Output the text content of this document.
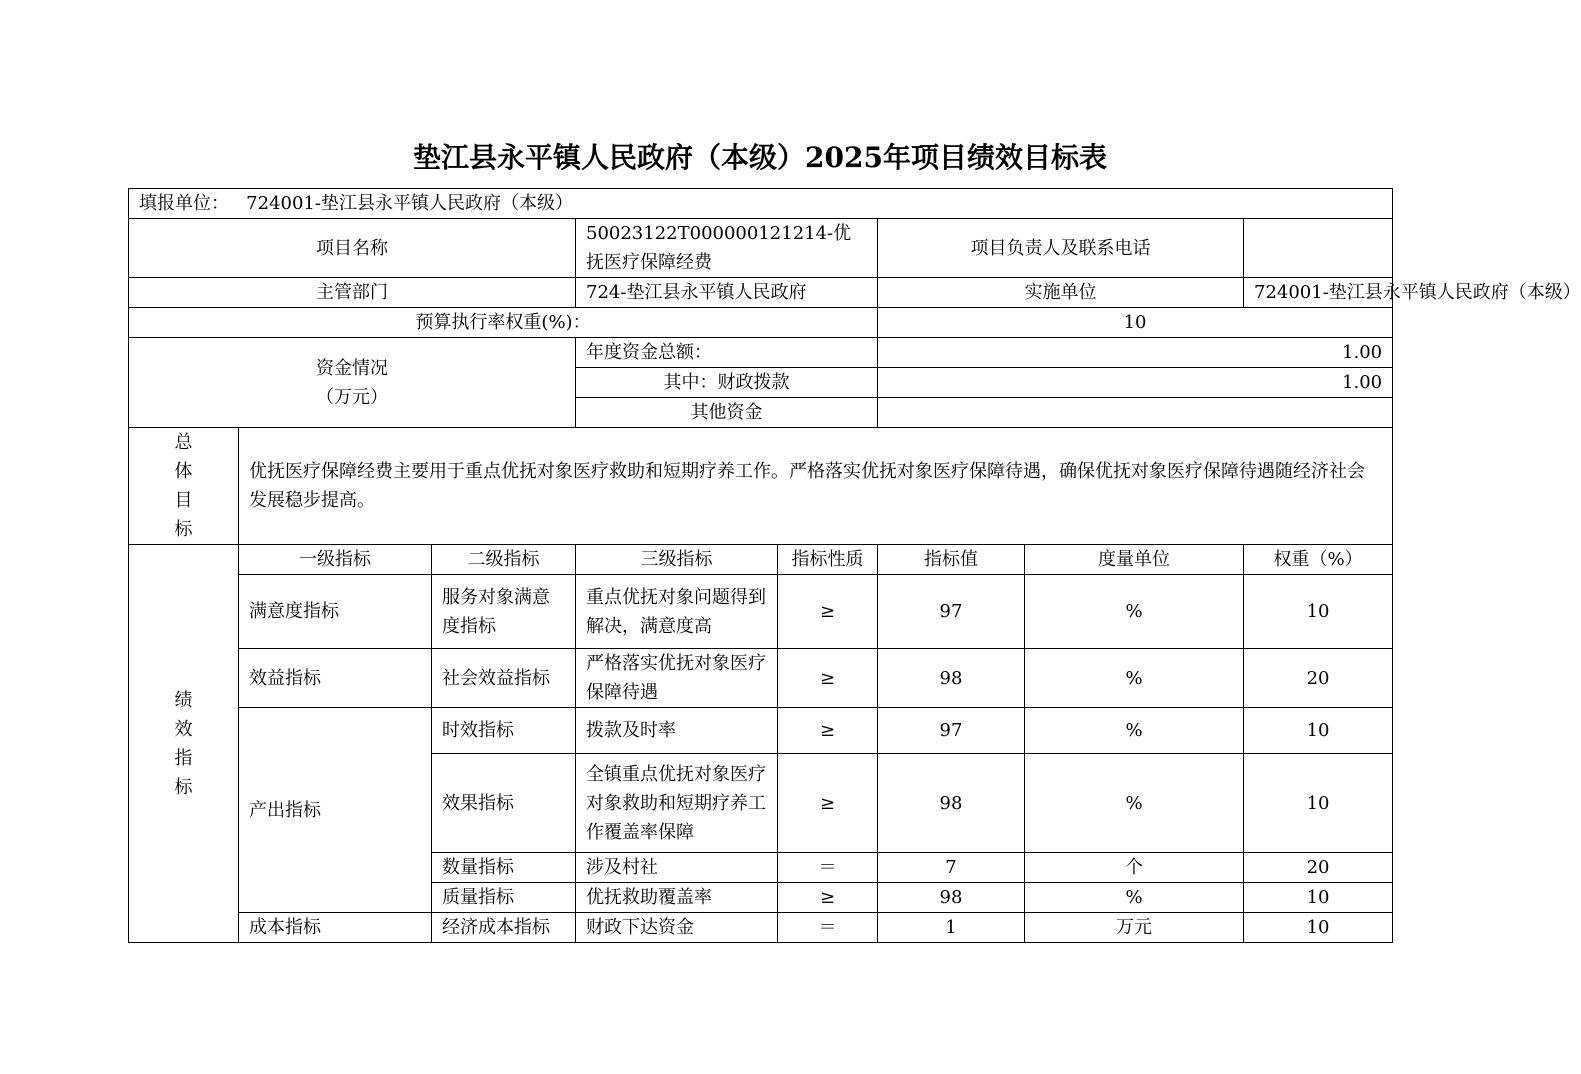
垫江县永平镇人民政府（本级）2025年项目绩效目标表
填报单位： 724001-垫江县永平镇人民政府（本级）							
项目名称			50023122T000000121214-优抚医疗保障经费		项目负责人及联系电话		
主管部门			724-垫江县永平镇人民政府		实施单位		724001-垫江县永平镇人民政府（本级）
预算执行率权重(%)：					10		
资金情况
（万元）			年度资金总额：		1.00		
			其中：财政拨款		1.00		
			其他资金				
总
体
目
标	优抚医疗保障经费主要用于重点优抚对象医疗救助和短期疗养工作。严格落实优抚对象医疗保障待遇，确保优抚对象医疗保障待遇随经济社会发展稳步提高。						
绩
效
指
标	一级指标	二级指标	三级指标	指标性质	指标值	度量单位	权重（%）
	满意度指标	服务对象满意度指标	重点优抚对象问题得到解决，满意度高	≥	97	%	10
	效益指标	社会效益指标	严格落实优抚对象医疗保障待遇	≥	98	%	20
	产出指标	时效指标	拨款及时率	≥	97	%	10
		效果指标	全镇重点优抚对象医疗对象救助和短期疗养工作覆盖率保障	≥	98	%	10
		数量指标	涉及村社	＝	7	个	20
		质量指标	优抚救助覆盖率	≥	98	%	10
	成本指标	经济成本指标	财政下达资金	＝	1	万元	10
